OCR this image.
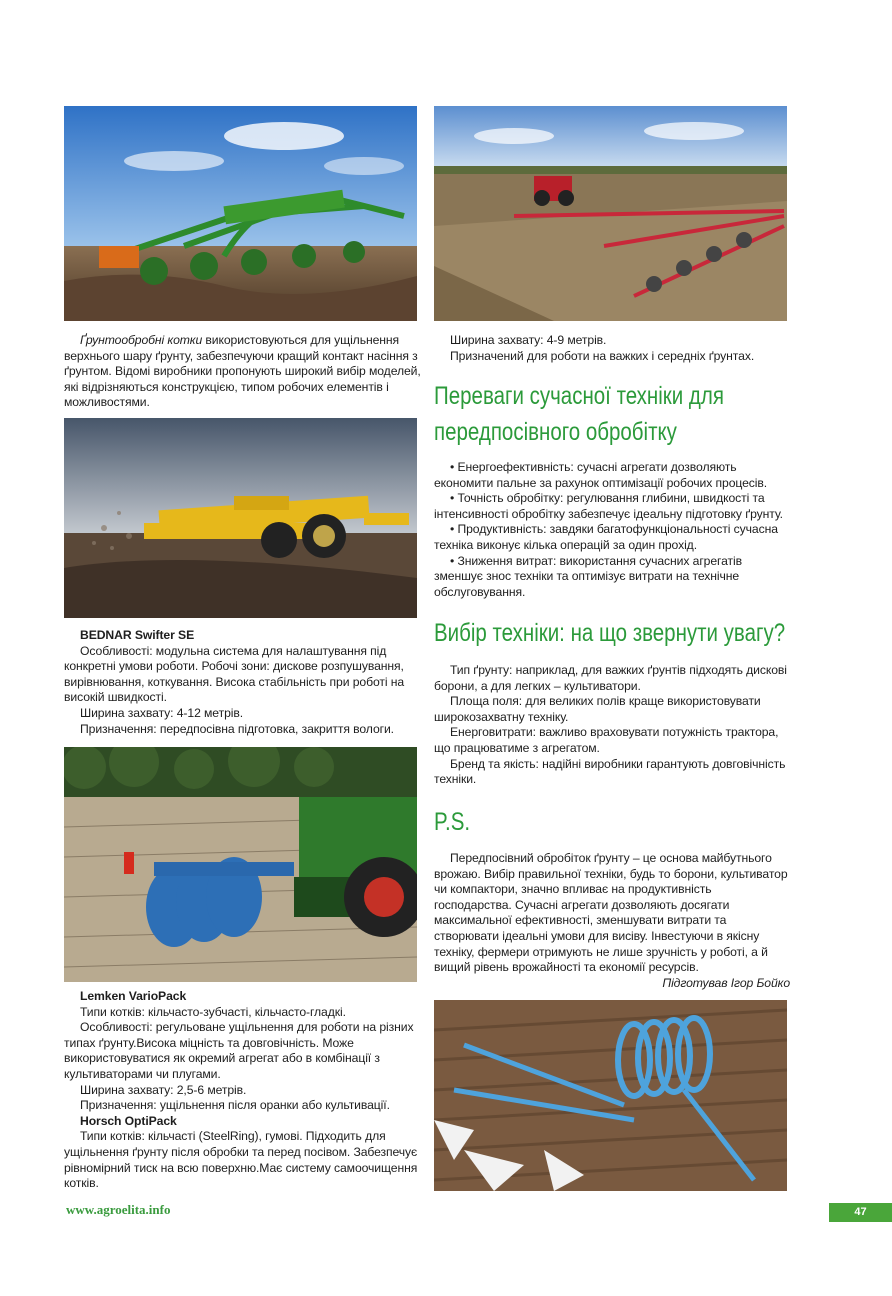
Ґрунтообробні котки використовуються для ущільнення верхнього шару ґрунту, забезпечуючи кращий контакт насіння з ґрунтом. Відомі виробники пропонують широкий вибір моделей, які відрізняються конструкцією, типом робочих елементів і можливостями.

BEDNAR Swifter SE

Особливості: модульна система для налаштування під конкретні умови роботи. Робочі зони: дискове розпушування, вирівнювання, коткування. Висока стабільність при роботі на високій швидкості.

Ширина захвату: 4-12 метрів.

Призначення: передпосівна підготовка, закриття вологи.

Lemken VarioPack

Типи котків: кільчасто-зубчасті, кільчасто-гладкі.

Особливості: регульоване ущільнення для роботи на різних типах ґрунту.Висока міцність та довговічність. Може використовуватися як окремий агрегат або в комбінації з культиваторами чи плугами.

Ширина захвату: 2,5-6 метрів.

Призначення: ущільнення після оранки або культивації.

Horsch OptiPack

Типи котків: кільчасті (SteelRing), гумові. Підходить для ущільнення ґрунту після обробки та перед посівом. Забезпечує рівномірний тиск на всю поверхню.Має систему самоочищення котків.

Ширина захвату: 4-9 метрів.

Призначений для роботи на важких і середніх ґрунтах.

Переваги сучасної техніки для передпосівного обробітку

• Енергоефективність: сучасні агрегати дозволяють економити пальне за рахунок оптимізації робочих процесів.

• Точність обробітку: регулювання глибини, швидкості та інтенсивності обробітку забезпечує ідеальну підготовку ґрунту.

• Продуктивність: завдяки багатофункціональності сучасна техніка виконує кілька операцій за один прохід.

• Зниження витрат: використання сучасних агрегатів зменшує знос техніки та оптимізує витрати на технічне обслуговування.

Вибір техніки: на що звернути увагу?

Тип ґрунту: наприклад, для важких ґрунтів підходять дискові борони, а для легких – культиватори.

Площа поля: для великих полів краще використовувати широкозахватну техніку.

Енерговитрати: важливо враховувати потужність трактора, що працюватиме з агрегатом.

Бренд та якість: надійні виробники гарантують довговічність техніки.

P.S.

Передпосівний обробіток ґрунту – це основа майбутнього врожаю. Вибір правильної техніки, будь то борони, культиватор чи компактори, значно впливає на продуктивність господарства. Сучасні агрегати дозволяють досягати максимальної ефективності, зменшувати витрати та створювати ідеальні умови для висіву. Інвестуючи в якісну техніку, фермери отримують не лише зручність у роботі, а й вищий рівень врожайності та економії ресурсів.

Підготував Ігор Бойко

www.agroelita.info	47
